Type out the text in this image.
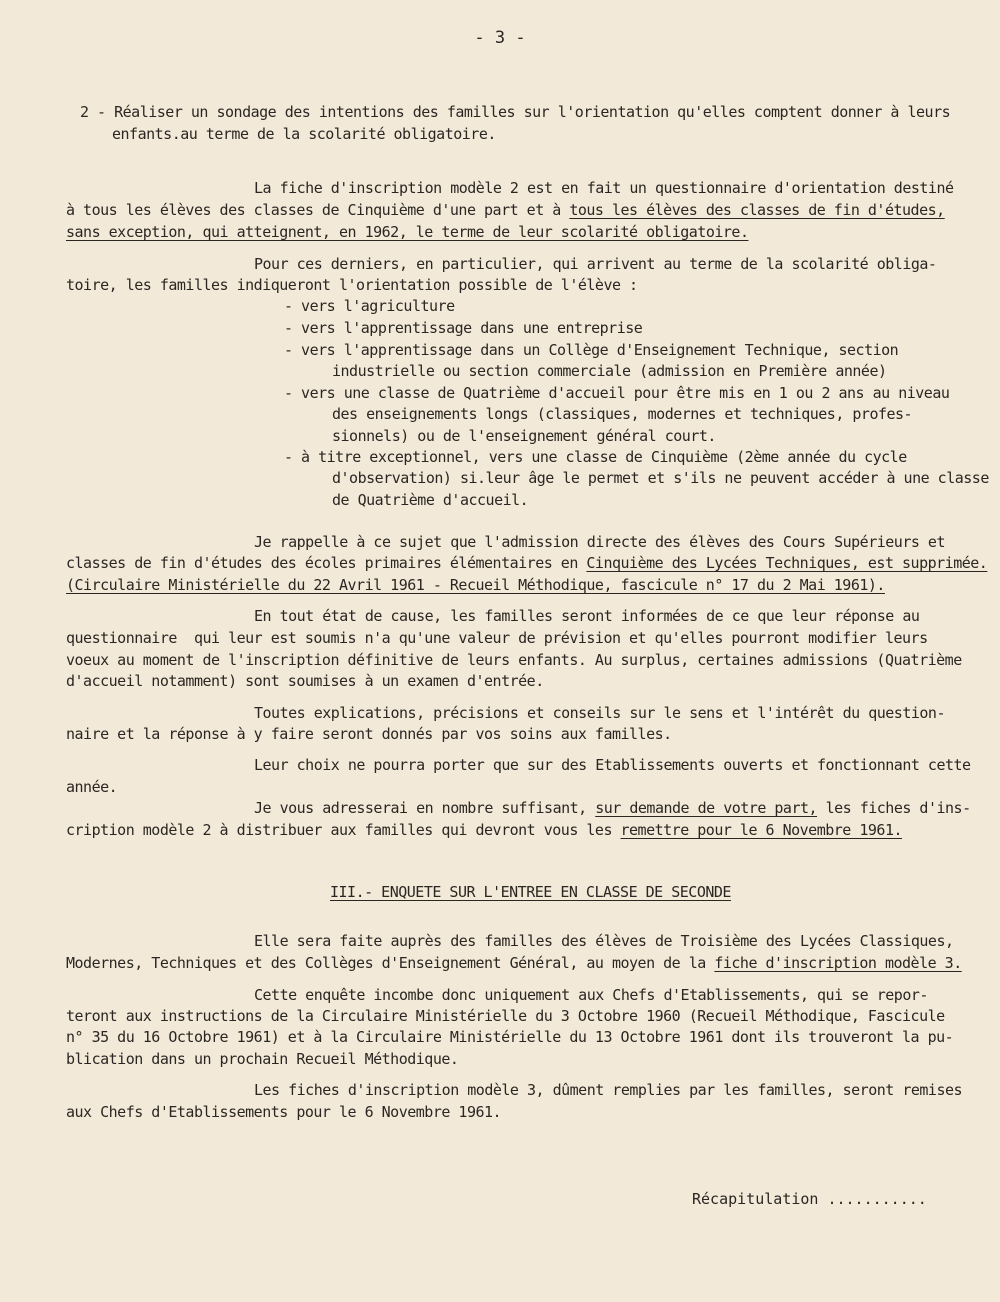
- 3 -
2 - Réaliser un sondage des intentions des familles sur l'orientation qu'elles comptent donner à leurs
enfants.au terme de la scolarité obligatoire.
La fiche d'inscription modèle 2 est en fait un questionnaire d'orientation destiné
à tous les élèves des classes de Cinquième d'une part et à tous les élèves des classes de fin d'études,
sans exception, qui atteignent, en 1962, le terme de leur scolarité obligatoire.
Pour ces derniers, en particulier, qui arrivent au terme de la scolarité obliga-
toire, les familles indiqueront l'orientation possible de l'élève :
- vers l'agriculture
- vers l'apprentissage dans une entreprise
- vers l'apprentissage dans un Collège d'Enseignement Technique, section
industrielle ou section commerciale (admission en Première année)
- vers une classe de Quatrième d'accueil pour être mis en 1 ou 2 ans au niveau
des enseignements longs (classiques, modernes et techniques, profes-
sionnels) ou de l'enseignement général court.
- à titre exceptionnel, vers une classe de Cinquième (2ème année du cycle
d'observation) si.leur âge le permet et s'ils ne peuvent accéder à une classe
de Quatrième d'accueil.
Je rappelle à ce sujet que l'admission directe des élèves des Cours Supérieurs et
classes de fin d'études des écoles primaires élémentaires en Cinquième des Lycées Techniques, est supprimée.
(Circulaire Ministérielle du 22 Avril 1961 - Recueil Méthodique, fascicule n° 17 du 2 Mai 1961).
En tout état de cause, les familles seront informées de ce que leur réponse au
questionnaire  qui leur est soumis n'a qu'une valeur de prévision et qu'elles pourront modifier leurs
voeux au moment de l'inscription définitive de leurs enfants. Au surplus, certaines admissions (Quatrième
d'accueil notamment) sont soumises à un examen d'entrée.
Toutes explications, précisions et conseils sur le sens et l'intérêt du question-
naire et la réponse à y faire seront donnés par vos soins aux familles.
Leur choix ne pourra porter que sur des Etablissements ouverts et fonctionnant cette
année.
Je vous adresserai en nombre suffisant, sur demande de votre part, les fiches d'ins-
cription modèle 2 à distribuer aux familles qui devront vous les remettre pour le 6 Novembre 1961.
III.- ENQUETE SUR L'ENTREE EN CLASSE DE SECONDE
Elle sera faite auprès des familles des élèves de Troisième des Lycées Classiques,
Modernes, Techniques et des Collèges d'Enseignement Général, au moyen de la fiche d'inscription modèle 3.
Cette enquête incombe donc uniquement aux Chefs d'Etablissements, qui se repor-
teront aux instructions de la Circulaire Ministérielle du 3 Octobre 1960 (Recueil Méthodique, Fascicule
n° 35 du 16 Octobre 1961) et à la Circulaire Ministérielle du 13 Octobre 1961 dont ils trouveront la pu-
blication dans un prochain Recueil Méthodique.
Les fiches d'inscription modèle 3, dûment remplies par les familles, seront remises
aux Chefs d'Etablissements pour le 6 Novembre 1961.
Récapitulation ...........
